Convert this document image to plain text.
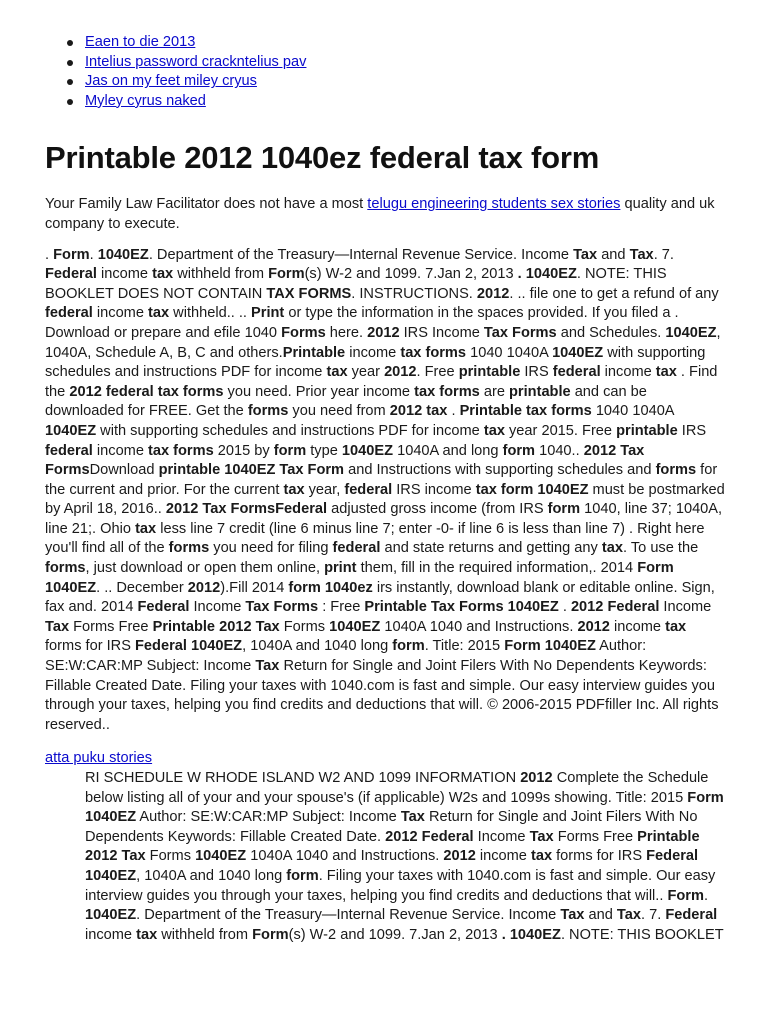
Eaen to die 2013
Intelius password crackntelius pav
Jas on my feet miley cryus
Myley cyrus naked
Printable 2012 1040ez federal tax form

Your Family Law Facilitator does not have a most telugu engineering students sex stories quality and uk company to execute.

. Form. 1040EZ. Department of the Treasury—Internal Revenue Service. Income Tax and Tax. 7. Federal income tax withheld from Form(s) W-2 and 1099. 7.Jan 2, 2013 . 1040EZ. NOTE: THIS BOOKLET DOES NOT CONTAIN TAX FORMS. INSTRUCTIONS. 2012. .. file one to get a refund of any federal income tax withheld.. .. Print or type the information in the spaces provided. If you filed a . Download or prepare and efile 1040 Forms here. 2012 IRS Income Tax Forms and Schedules. 1040EZ, 1040A, Schedule A, B, C and others.Printable income tax forms 1040 1040A 1040EZ with supporting schedules and instructions PDF for income tax year 2012. Free printable IRS federal income tax . Find the 2012 federal tax forms you need. Prior year income tax forms are printable and can be downloaded for FREE. Get the forms you need from 2012 tax . Printable tax forms 1040 1040A 1040EZ with supporting schedules and instructions PDF for income tax year 2015. Free printable IRS federal income tax forms 2015 by form type 1040EZ 1040A and long form 1040.. 2012 Tax FormsDownload printable 1040EZ Tax Form and Instructions with supporting schedules and forms for the current and prior. For the current tax year, federal IRS income tax form 1040EZ must be postmarked by April 18, 2016.. 2012 Tax FormsFederal adjusted gross income (from IRS form 1040, line 37; 1040A, line 21;. Ohio tax less line 7 credit (line 6 minus line 7; enter -0- if line 6 is less than line 7) . Right here you'll find all of the forms you need for filing federal and state returns and getting any tax. To use the forms, just download or open them online, print them, fill in the required information,. 2014 Form 1040EZ. .. December 2012).Fill 2014 form 1040ez irs instantly, download blank or editable online. Sign, fax and. 2014 Federal Income Tax Forms : Free Printable Tax Forms 1040EZ . 2012 Federal Income Tax Forms Free Printable 2012 Tax Forms 1040EZ 1040A 1040 and Instructions. 2012 income tax forms for IRS Federal 1040EZ, 1040A and 1040 long form. Title: 2015 Form 1040EZ Author: SE:W:CAR:MP Subject: Income Tax Return for Single and Joint Filers With No Dependents Keywords: Fillable Created Date. Filing your taxes with 1040.com is fast and simple. Our easy interview guides you through your taxes, helping you find credits and deductions that will. © 2006-2015 PDFfiller Inc. All rights reserved..

atta puku stories
RI SCHEDULE W RHODE ISLAND W2 AND 1099 INFORMATION 2012 Complete the Schedule below listing all of your and your spouse's (if applicable) W2s and 1099s showing. Title: 2015 Form 1040EZ Author: SE:W:CAR:MP Subject: Income Tax Return for Single and Joint Filers With No Dependents Keywords: Fillable Created Date. 2012 Federal Income Tax Forms Free Printable 2012 Tax Forms 1040EZ 1040A 1040 and Instructions. 2012 income tax forms for IRS Federal 1040EZ, 1040A and 1040 long form. Filing your taxes with 1040.com is fast and simple. Our easy interview guides you through your taxes, helping you find credits and deductions that will.. Form. 1040EZ. Department of the Treasury—Internal Revenue Service. Income Tax and Tax. 7. Federal income tax withheld from Form(s) W-2 and 1099. 7.Jan 2, 2013 . 1040EZ. NOTE: THIS BOOKLET
